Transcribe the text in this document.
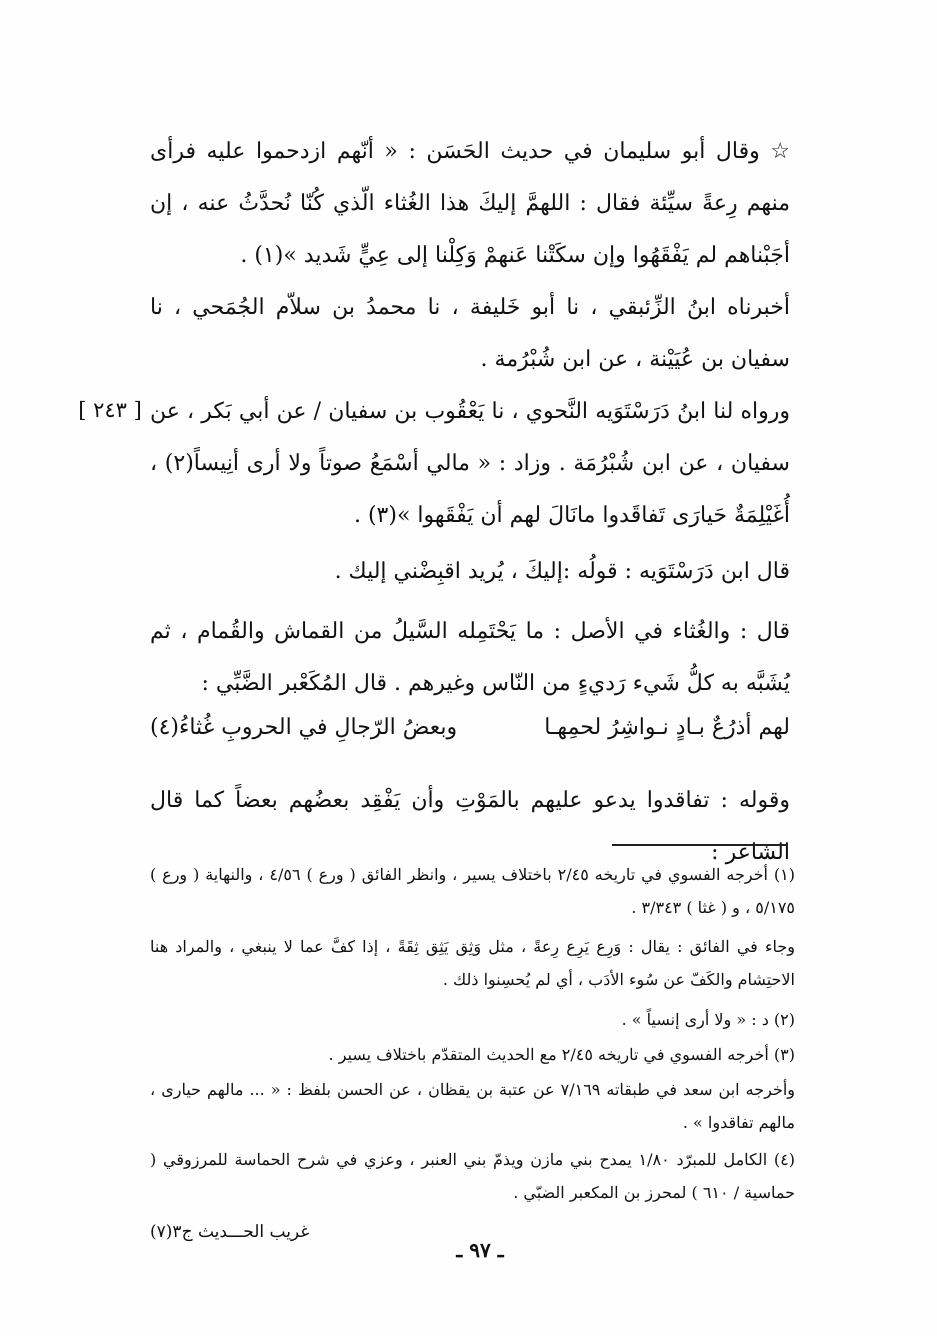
☆ وقال أبو سليمان في حديث الحَسَن : « أنّهم ازدحموا عليه فرأى منهم رِعةً سيِّئة فقال : اللهمَّ إليكَ هذا الغُثاء الّذي كُنّا نُحدَّثُ عنه ، إن أجَبْناهم لم يَفْقَهُوا وإن سكَتْنا عَنهمْ وَكِلْنا إلى عِيٍّ شَديد »(١) .
أخبرناه ابنُ الزِّئبقي ، نا أبو خَليفة ، نا محمدُ بن سلاّم الجُمَحي ، نا سفيان بن عُيَيْنة ، عن ابن شُبْرُمة .
ورواه لنا ابنُ دَرَسْتَوَيه النَّحوي ، نا يَعْقُوب بن سفيان / عن أبي بَكر ، عن سفيان ، عن ابن شُبْرُمَة . وزاد : « مالي أسْمَعُ صوتاً ولا أرى أنِيساً(٢) ، أُغَيْلِمَةٌ حَيارَى تَفاقَدوا مانَالَ لهم أن يَفْقَهوا »(٣) .
[ ٢٤٣ ]
قال ابن دَرَسْتَوَيه : قولُه :إليكَ ، يُريد اقبِضْني إليك .
قال : والغُثاء في الأصل : ما يَحْتَمِله السَّيلُ من القماش والقُمام ، ثم يُشَبَّه به كلُّ شَيء رَديءٍ من النّاس وغيرهم . قال المُكَعْبر الضَّبِّي :
لهم أذرُعٌ بـادٍ نـواشِرُ لحمِهـا
وبعضُ الرّجالِ في الحروبِ غُثاءُ(٤)
وقوله : تفاقدوا يدعو عليهم بالمَوْتِ وأن يَفْقِد بعضُهم بعضاً كما قال الشاعر :
(١) أخرجه الفسوي في تاريخه ٢/٤٥ باختلاف يسير ، وانظر الفائق ( ورع ) ٤/٥٦ ، والنهاية ( ورع ) ٥/١٧٥ ، و ( غثا ) ٣/٣٤٣ .
وجاء في الفائق : يقال : وَرِع يَرِع رِعةً ، مثل وَثِق يَثِق ثِقَةً ، إذا كفَّ عما لا ينبغي ، والمراد هنا الاحتِشام والكَفّ عن سُوء الأدَب ، أي لم يُحسِنوا ذلك .
(٢) د : « ولا أرى إنسياً » .
(٣) أخرجه الفسوي في تاريخه ٢/٤٥ مع الحديث المتقدّم باختلاف يسير .
وأخرجه ابن سعد في طبقاته ٧/١٦٩ عن عتبة بن يقظان ، عن الحسن بلفظ : « ... مالهم حيارى ، مالهم تفاقدوا » .
(٤) الكامل للمبرّد ١/٨٠ يمدح بني مازن ويذمّ بني العنبر ، وعزي في شرح الحماسة للمرزوقي ( حماسية / ٦١٠ ) لمحرز بن المكعبر الضبّي .
غريب الحـــديث ج٣(٧)
ـ ٩٧ ـ
